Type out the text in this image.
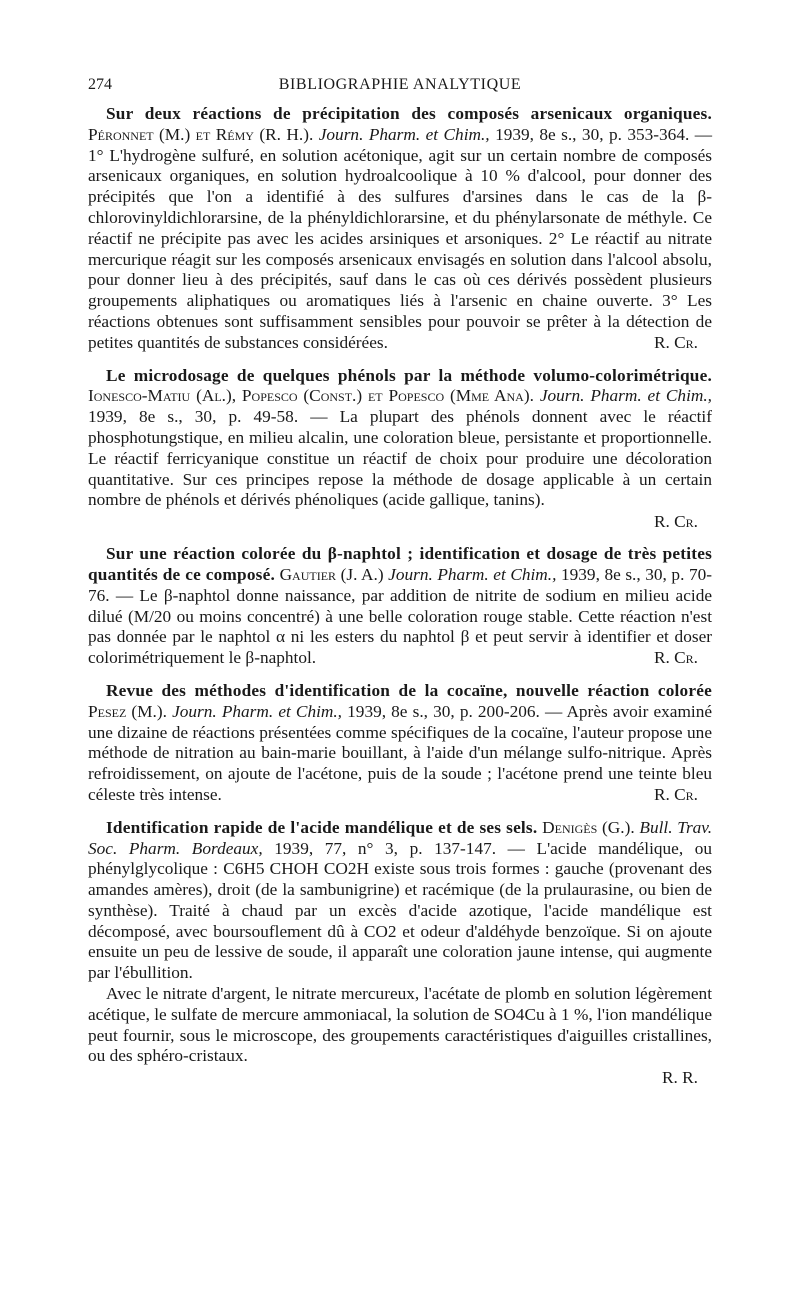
274	BIBLIOGRAPHIE ANALYTIQUE

Sur deux réactions de précipitation des composés arsenicaux organiques. Péronnet (M.) et Rémy (R. H.). Journ. Pharm. et Chim., 1939, 8e s., 30, p. 353-364. — 1° L'hydrogène sulfuré, en solution acétonique, agit sur un certain nombre de composés arsenicaux organiques, en solution hydroalcoolique à 10 % d'alcool, pour donner des précipités que l'on a identifié à des sulfures d'arsines dans le cas de la β-chlorovinyldichlorarsine, de la phényldichlorarsine, et du phénylarsonate de méthyle. Ce réactif ne précipite pas avec les acides arsiniques et arsoniques. 2° Le réactif au nitrate mercurique réagit sur les composés arsenicaux envisagés en solution dans l'alcool absolu, pour donner lieu à des précipités, sauf dans le cas où ces dérivés possèdent plusieurs groupements aliphatiques ou aromatiques liés à l'arsenic en chaine ouverte. 3° Les réactions obtenues sont suffisamment sensibles pour pouvoir se prêter à la détection de petites quantités de substances considérées.	R. Cr.

Le microdosage de quelques phénols par la méthode volumo-colorimétrique. Ionesco-Matiu (Al.), Popesco (Const.) et Popesco (Mme Ana). Journ. Pharm. et Chim., 1939, 8e s., 30, p. 49-58. — La plupart des phénols donnent avec le réactif phosphotungstique, en milieu alcalin, une coloration bleue, persistante et proportionnelle. Le réactif ferricyanique constitue un réactif de choix pour produire une décoloration quantitative. Sur ces principes repose la méthode de dosage applicable à un certain nombre de phénols et dérivés phénoliques (acide gallique, tanins).

R. Cr.

Sur une réaction colorée du β-naphtol ; identification et dosage de très petites quantités de ce composé. Gautier (J. A.) Journ. Pharm. et Chim., 1939, 8e s., 30, p. 70-76. — Le β-naphtol donne naissance, par addition de nitrite de sodium en milieu acide dilué (M/20 ou moins concentré) à une belle coloration rouge stable. Cette réaction n'est pas donnée par le naphtol α ni les esters du naphtol β et peut servir à identifier et doser colorimétriquement le β-naphtol.	R. Cr.

Revue des méthodes d'identification de la cocaïne, nouvelle réaction colorée Pesez (M.). Journ. Pharm. et Chim., 1939, 8e s., 30, p. 200-206. — Après avoir examiné une dizaine de réactions présentées comme spécifiques de la cocaïne, l'auteur propose une méthode de nitration au bain-marie bouillant, à l'aide d'un mélange sulfo-nitrique. Après refroidissement, on ajoute de l'acétone, puis de la soude ; l'acétone prend une teinte bleu céleste très intense.	R. Cr.

Identification rapide de l'acide mandélique et de ses sels. Denigès (G.). Bull. Trav. Soc. Pharm. Bordeaux, 1939, 77, n° 3, p. 137-147. — L'acide mandélique, ou phénylglycolique : C6H5 CHOH CO2H existe sous trois formes : gauche (provenant des amandes amères), droit (de la sambunigrine) et racémique (de la prulaurasine, ou bien de synthèse). Traité à chaud par un excès d'acide azotique, l'acide mandélique est décomposé, avec boursouflement dû à CO2 et odeur d'aldéhyde benzoïque. Si on ajoute ensuite un peu de lessive de soude, il apparaît une coloration jaune intense, qui augmente par l'ébullition.

Avec le nitrate d'argent, le nitrate mercureux, l'acétate de plomb en solution légèrement acétique, le sulfate de mercure ammoniacal, la solution de SO4Cu à 1 %, l'ion mandélique peut fournir, sous le microscope, des groupements caractéristiques d'aiguilles cristallines, ou des sphéro-cristaux.

R. R.
